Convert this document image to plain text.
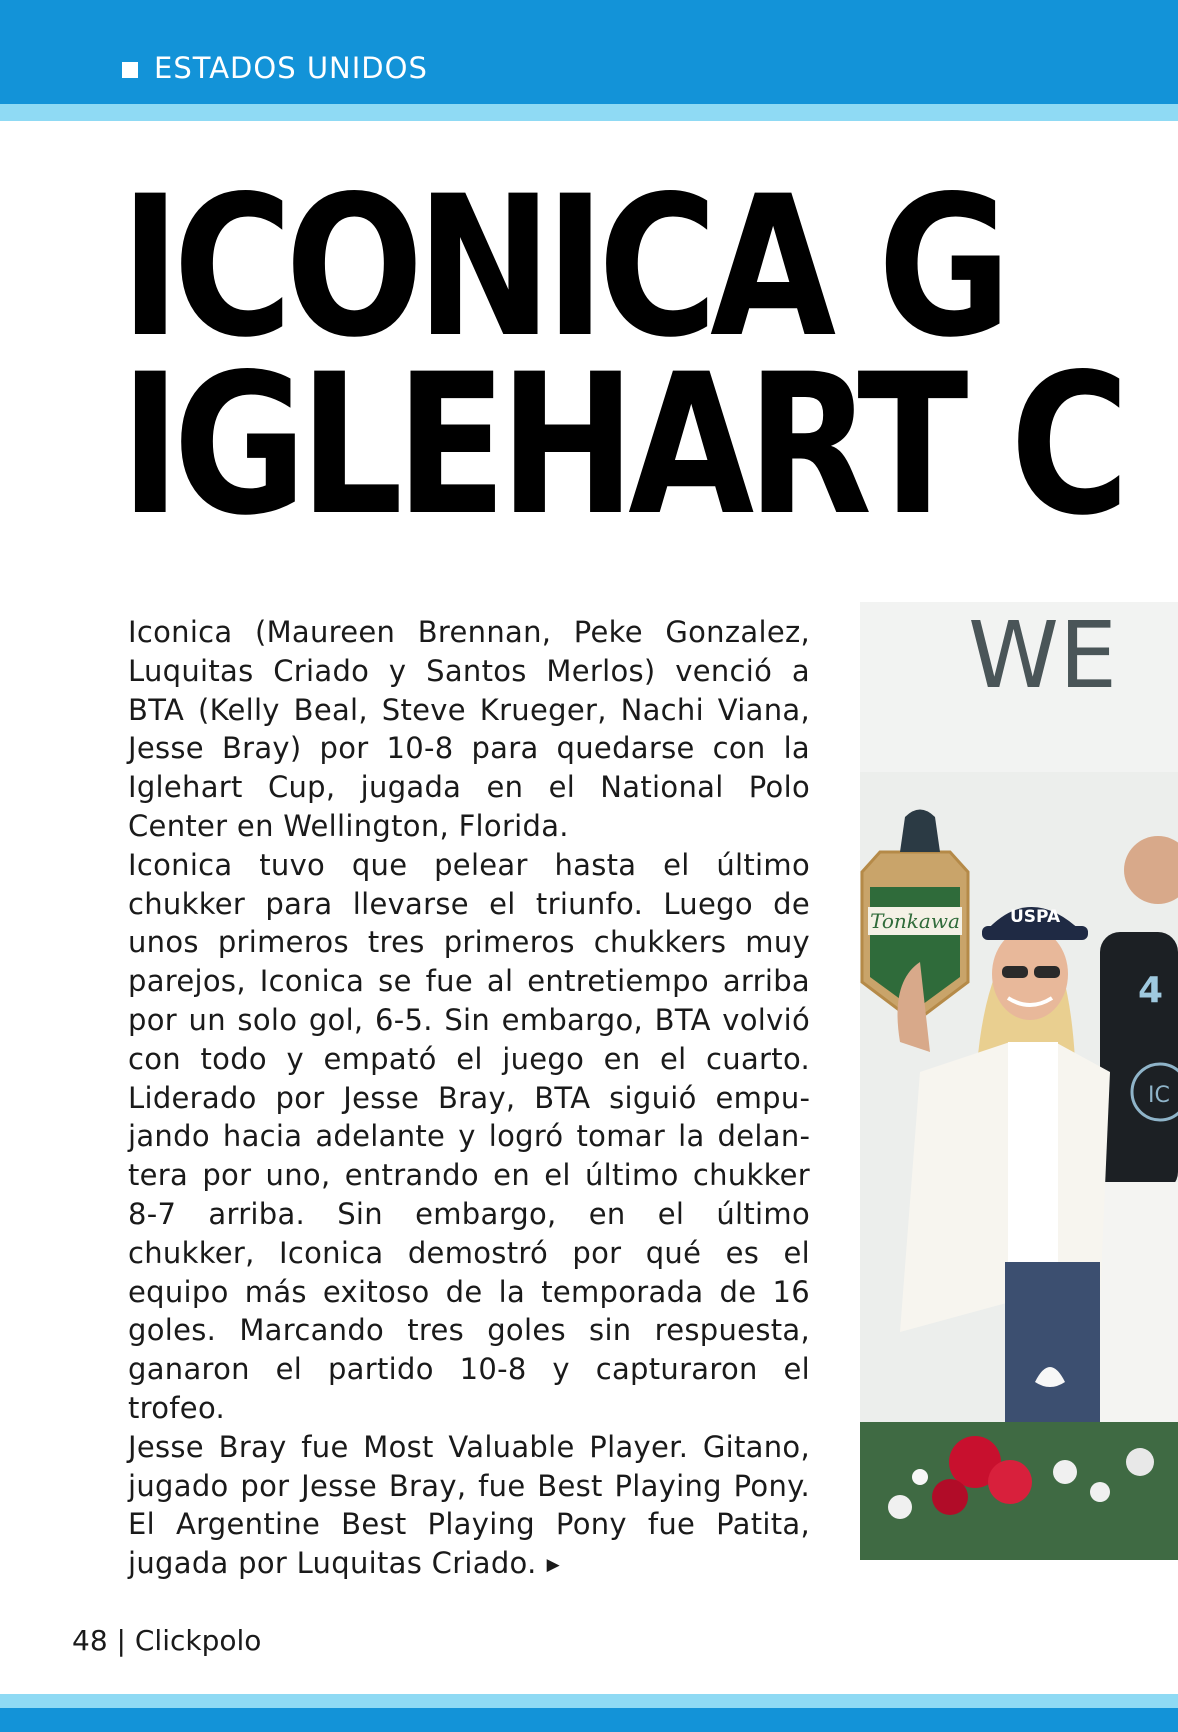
ESTADOS UNIDOS
ICONICA G
IGLEHART C

Iconica (Maureen Brennan, Peke Gonzalez, Luquitas Criado y Santos Merlos) venció a BTA (Kelly Beal, Steve Krueger, Nachi Viana, Jesse Bray) por 10-8 para quedarse con la Iglehart Cup, jugada en el National Polo Center en Wellington, Florida.

Iconica tuvo que pelear hasta el último chukker para llevarse el triunfo. Luego de unos primeros tres primeros chukkers muy parejos, Iconica se fue al entretiempo arriba por un solo gol, 6-5. Sin embargo, BTA volvió con todo y empató el juego en el cuarto. Liderado por Jesse Bray, BTA siguió empujando hacia adelante y logró tomar la delantera por uno, entrando en el último chukker 8-7 arriba. Sin embargo, en el último chukker, Iconica demostró por qué es el equipo más exitoso de la temporada de 16 goles. Marcando tres goles sin respuesta, ganaron el partido 10-8 y capturaron el trofeo.

Jesse Bray fue Most Valuable Player. Gitano, jugado por Jesse Bray, fue Best Playing Pony. El Argentine Best Playing Pony fue Patita, jugada por Luquitas Criado. ▶

WE
Tonkawa
4
IC
USPA
48 | Clickpolo
